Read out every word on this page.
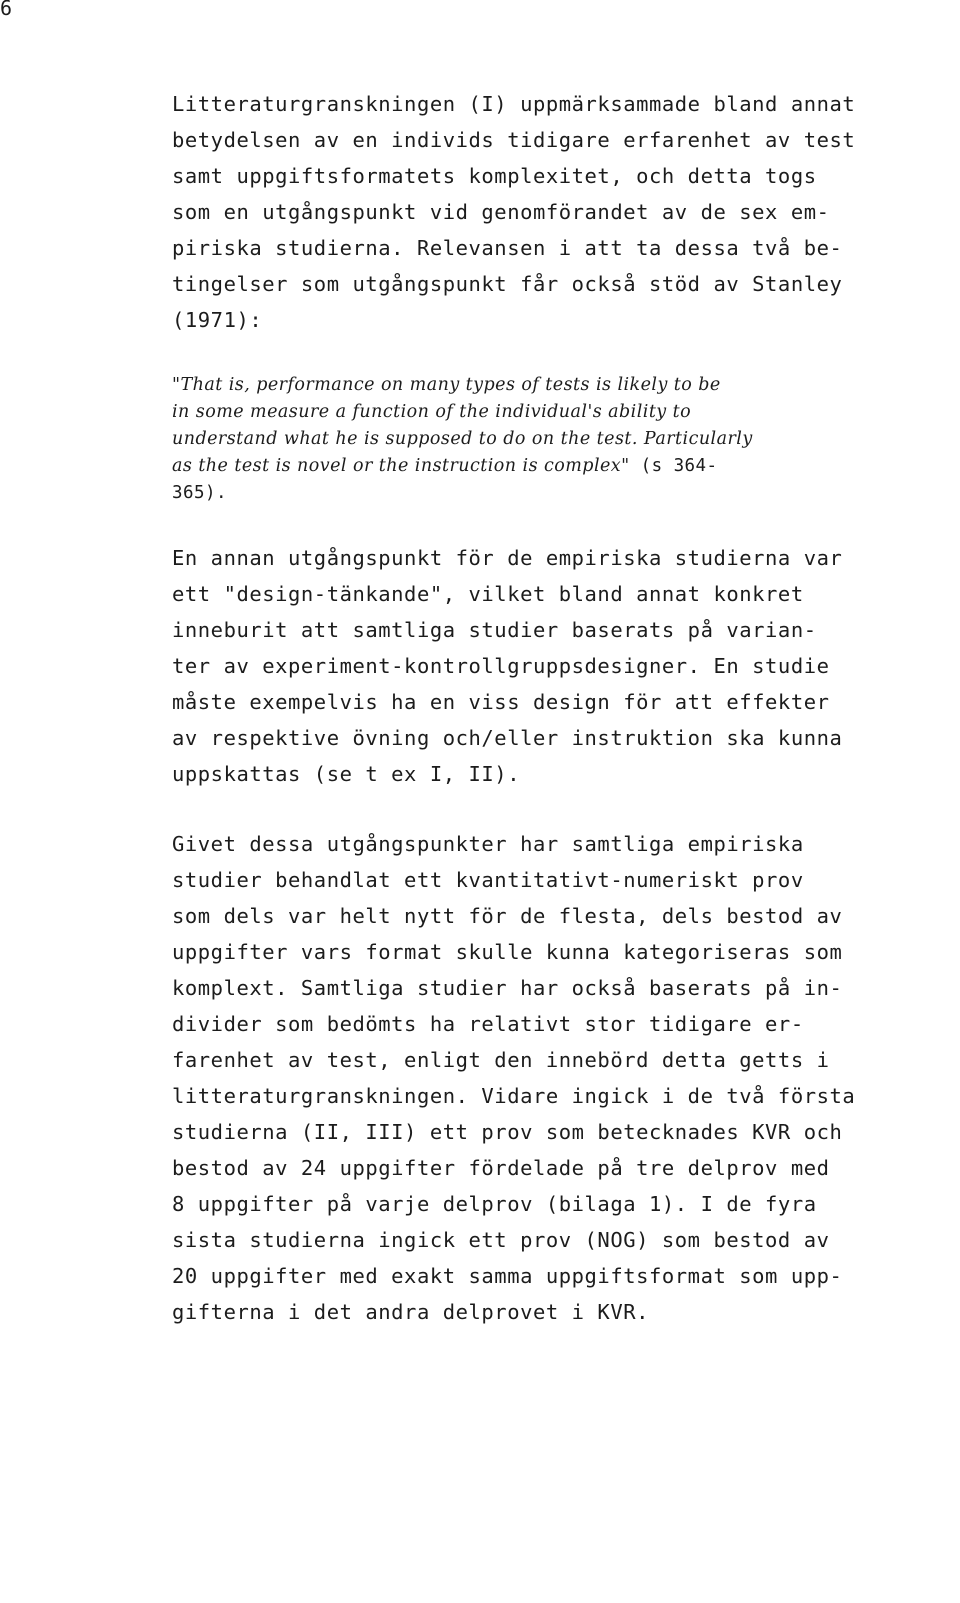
6
Litteraturgranskningen (I) uppmärksammade bland annat
betydelsen av en individs tidigare erfarenhet av test
samt uppgiftsformatets komplexitet, och detta togs
som en utgångspunkt vid genomförandet av de sex em-
piriska studierna. Relevansen i att ta dessa två be-
tingelser som utgångspunkt får också stöd av Stanley
(1971):
"That is, performance on many types of tests is likely to be
in some measure a function of the individual's ability to
understand what he is supposed to do on the test. Particularly
as the test is novel or the instruction is complex" (s 364-
365).
En annan utgångspunkt för de empiriska studierna var
ett "design-tänkande", vilket bland annat konkret
inneburit att samtliga studier baserats på varian-
ter av experiment-kontrollgruppsdesigner. En studie
måste exempelvis ha en viss design för att effekter
av respektive övning och/eller instruktion ska kunna
uppskattas (se t ex I, II).
Givet dessa utgångspunkter har samtliga empiriska
studier behandlat ett kvantitativt-numeriskt prov
som dels var helt nytt för de flesta, dels bestod av
uppgifter vars format skulle kunna kategoriseras som
komplext. Samtliga studier har också baserats på in-
divider som bedömts ha relativt stor tidigare er-
farenhet av test, enligt den innebörd detta getts i
litteraturgranskningen. Vidare ingick i de två första
studierna (II, III) ett prov som betecknades KVR och
bestod av 24 uppgifter fördelade på tre delprov med
8 uppgifter på varje delprov (bilaga 1). I de fyra
sista studierna ingick ett prov (NOG) som bestod av
20 uppgifter med exakt samma uppgiftsformat som upp-
gifterna i det andra delprovet i KVR.
